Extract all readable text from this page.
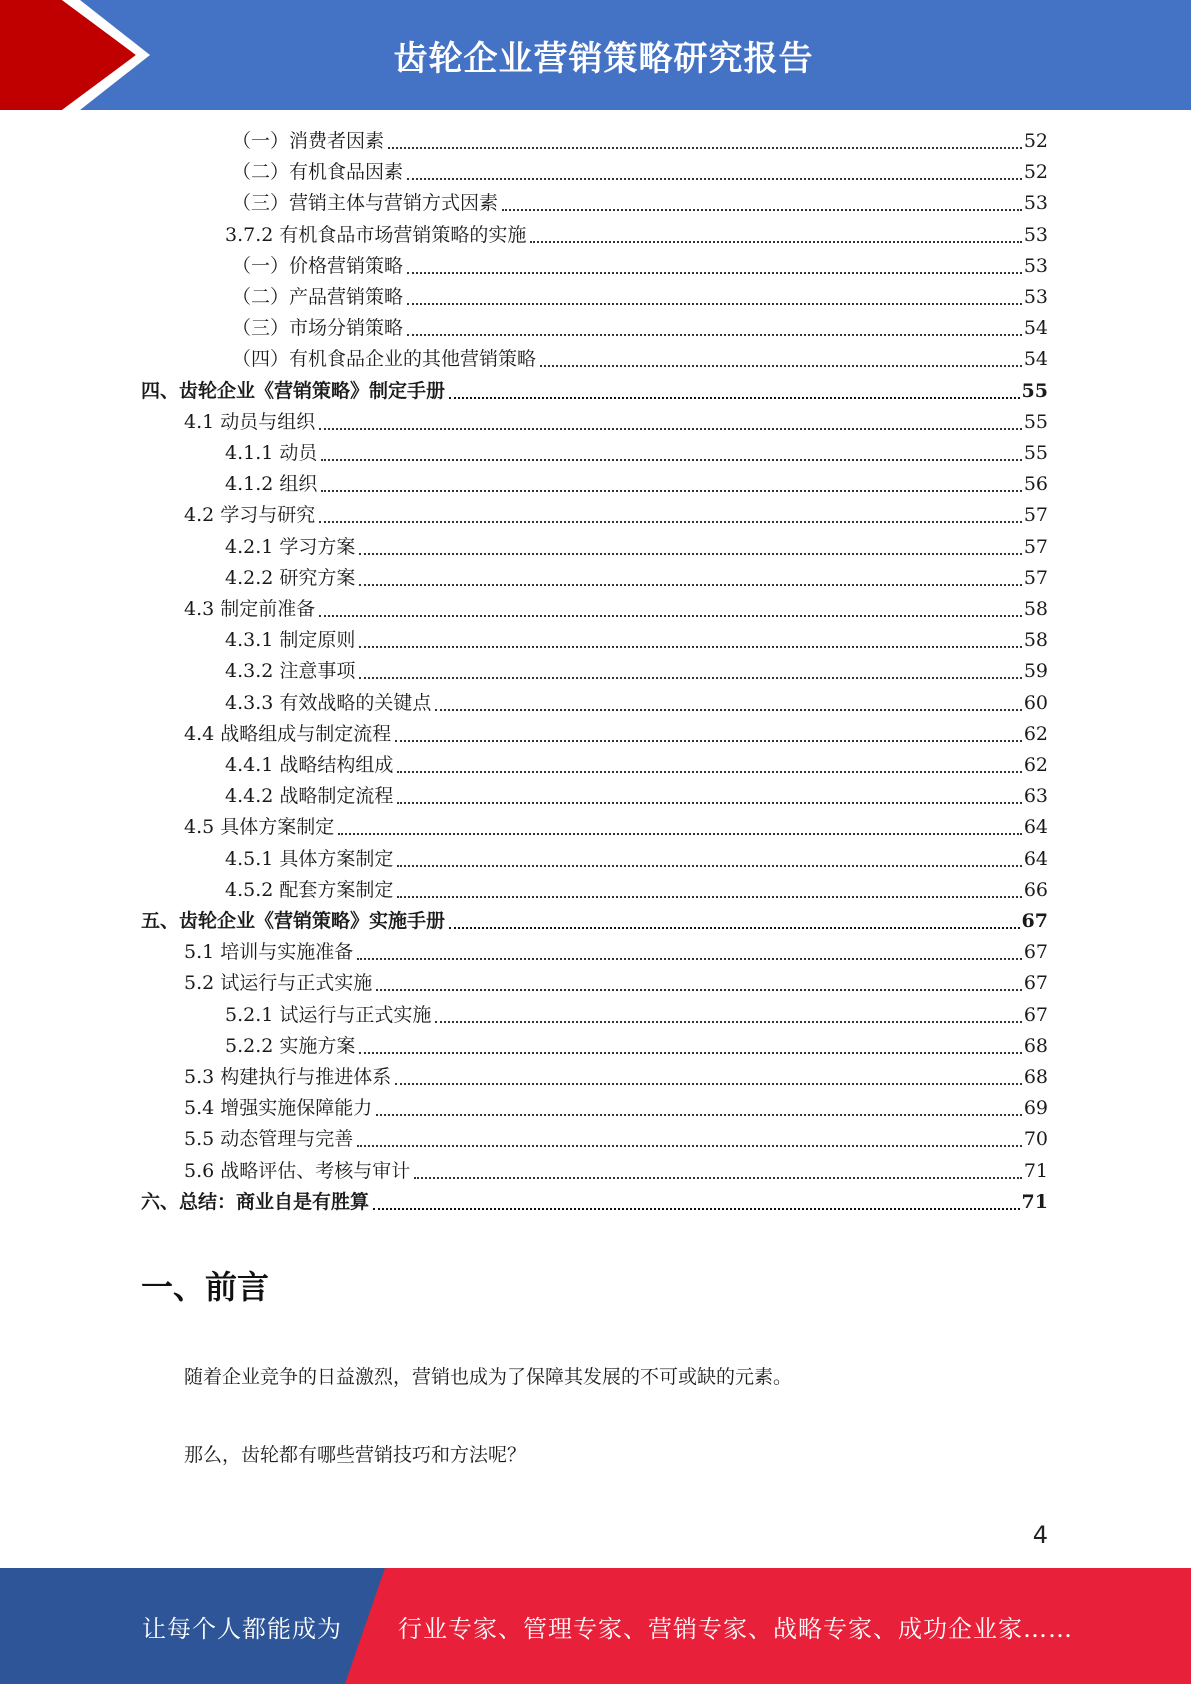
齿轮企业营销策略研究报告
（一）消费者因素	52
（二）有机食品因素	52
（三）营销主体与营销方式因素	53
3.7.2 有机食品市场营销策略的实施	53
（一）价格营销策略	53
（二）产品营销策略	53
（三）市场分销策略	54
（四）有机食品企业的其他营销策略	54
四、齿轮企业《营销策略》制定手册	55
4.1 动员与组织	55
4.1.1 动员	55
4.1.2 组织	56
4.2 学习与研究	57
4.2.1 学习方案	57
4.2.2 研究方案	57
4.3 制定前准备	58
4.3.1 制定原则	58
4.3.2 注意事项	59
4.3.3 有效战略的关键点	60
4.4 战略组成与制定流程	62
4.4.1 战略结构组成	62
4.4.2 战略制定流程	63
4.5 具体方案制定	64
4.5.1 具体方案制定	64
4.5.2 配套方案制定	66
五、齿轮企业《营销策略》实施手册	67
5.1 培训与实施准备	67
5.2 试运行与正式实施	67
5.2.1 试运行与正式实施	67
5.2.2 实施方案	68
5.3 构建执行与推进体系	68
5.4 增强实施保障能力	69
5.5 动态管理与完善	70
5.6 战略评估、考核与审计	71
六、总结：商业自是有胜算	71
一、前言
随着企业竞争的日益激烈，营销也成为了保障其发展的不可或缺的元素。
那么，齿轮都有哪些营销技巧和方法呢？
4
让每个人都能成为 行业专家、管理专家、营销专家、战略专家、成功企业家……
